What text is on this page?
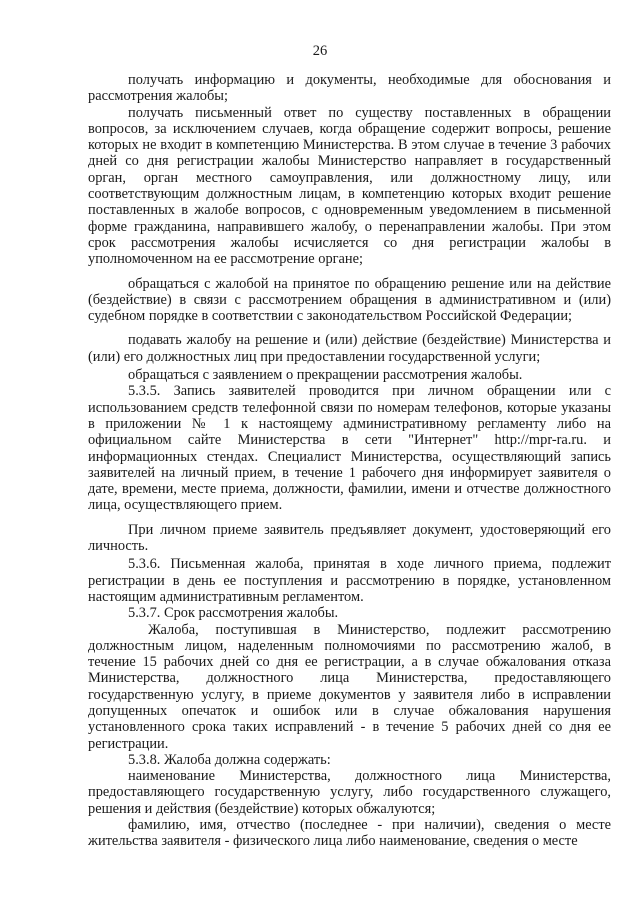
26

получать информацию и документы, необходимые для обоснования и рассмотрения жалобы;

получать письменный ответ по существу поставленных в обращении вопросов, за исключением случаев, когда обращение содержит вопросы, решение которых не входит в компетенцию Министерства. В этом случае в течение 3 рабочих дней со дня регистрации жалобы Министерство направляет в государственный орган, орган местного самоуправления, или должностному лицу, или соответствующим должностным лицам, в компетенцию которых входит решение поставленных в жалобе вопросов, с одновременным уведомлением в письменной форме гражданина, направившего жалобу, о перенаправлении жалобы. При этом срок рассмотрения жалобы исчисляется со дня регистрации жалобы в уполномоченном на ее рассмотрение органе;

обращаться с жалобой на принятое по обращению решение или на действие (бездействие) в связи с рассмотрением обращения в административном и (или) судебном порядке в соответствии с законодательством Российской Федерации;

подавать жалобу на решение и (или) действие (бездействие) Министерства и (или) его должностных лиц при предоставлении государственной услуги;

обращаться с заявлением о прекращении рассмотрения жалобы.

5.3.5. Запись заявителей проводится при личном обращении или с использованием средств телефонной связи по номерам телефонов, которые указаны в приложении № 1 к настоящему административному регламенту либо на официальном сайте Министерства в сети "Интернет" http://mpr-ra.ru. и информационных стендах. Специалист Министерства, осуществляющий запись заявителей на личный прием, в течение 1 рабочего дня информирует заявителя о дате, времени, месте приема, должности, фамилии, имени и отчестве должностного лица, осуществляющего прием.

При личном приеме заявитель предъявляет документ, удостоверяющий его личность.

5.3.6. Письменная жалоба, принятая в ходе личного приема, подлежит регистрации в день ее поступления и рассмотрению в порядке, установленном настоящим административным регламентом.

5.3.7. Срок рассмотрения жалобы.

Жалоба, поступившая в Министерство, подлежит рассмотрению должностным лицом, наделенным полномочиями по рассмотрению жалоб, в течение 15 рабочих дней со дня ее регистрации, а в случае обжалования отказа Министерства, должностного лица Министерства, предоставляющего государственную услугу, в приеме документов у заявителя либо в исправлении допущенных опечаток и ошибок или в случае обжалования нарушения установленного срока таких исправлений - в течение 5 рабочих дней со дня ее регистрации.

5.3.8. Жалоба должна содержать:

наименование Министерства, должностного лица Министерства, предоставляющего государственную услугу, либо государственного служащего, решения и действия (бездействие) которых обжалуются;

фамилию, имя, отчество (последнее - при наличии), сведения о месте жительства заявителя - физического лица либо наименование, сведения о месте
